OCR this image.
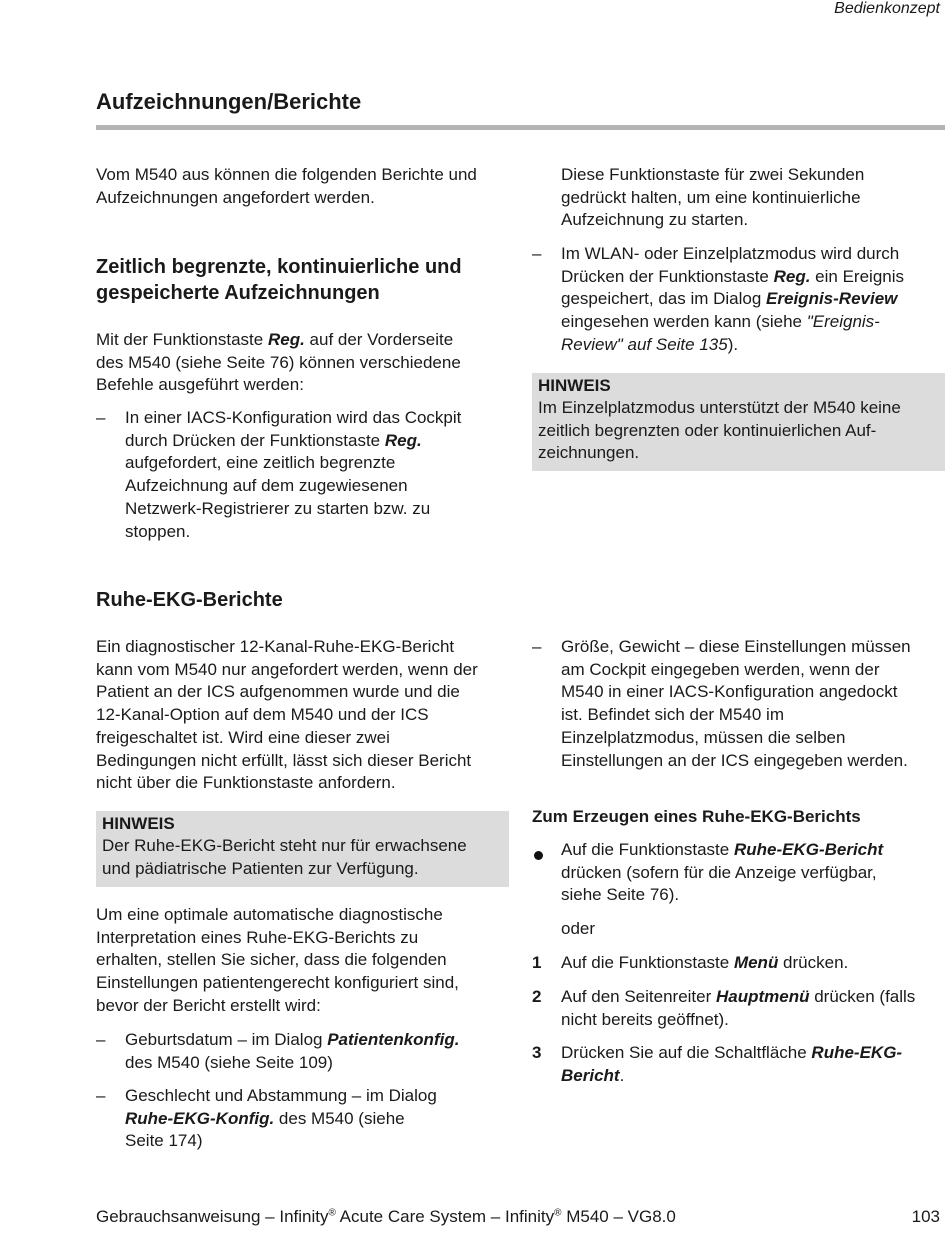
Bedienkonzept
Aufzeichnungen/Berichte
Vom M540 aus können die folgenden Berichte und
Aufzeichnungen angefordert werden.
Zeitlich begrenzte, kontinuierliche und
gespeicherte Aufzeichnungen
Mit der Funktionstaste Reg. auf der Vorderseite
des M540 (siehe Seite 76) können verschiedene
Befehle ausgeführt werden:
– In einer IACS-Konfiguration wird das Cockpit
durch Drücken der Funktionstaste Reg.
aufgefordert, eine zeitlich begrenzte
Aufzeichnung auf dem zugewiesenen
Netzwerk-Registrierer zu starten bzw. zu
stoppen.
Diese Funktionstaste für zwei Sekunden
gedrückt halten, um eine kontinuierliche
Aufzeichnung zu starten.
– Im WLAN- oder Einzelplatzmodus wird durch
Drücken der Funktionstaste Reg. ein Ereignis
gespeichert, das im Dialog Ereignis-Review
eingesehen werden kann (siehe "Ereignis-
Review" auf Seite 135).
HINWEIS
Im Einzelplatzmodus unterstützt der M540 keine
zeitlich begrenzten oder kontinuierlichen Auf-
zeichnungen.
Ruhe-EKG-Berichte
Ein diagnostischer 12-Kanal-Ruhe-EKG-Bericht
kann vom M540 nur angefordert werden, wenn der
Patient an der ICS aufgenommen wurde und die
12-Kanal-Option auf dem M540 und der ICS
freigeschaltet ist. Wird eine dieser zwei
Bedingungen nicht erfüllt, lässt sich dieser Bericht
nicht über die Funktionstaste anfordern.
HINWEIS
Der Ruhe-EKG-Bericht steht nur für erwachsene
und pädiatrische Patienten zur Verfügung.
Um eine optimale automatische diagnostische
Interpretation eines Ruhe-EKG-Berichts zu
erhalten, stellen Sie sicher, dass die folgenden
Einstellungen patientengerecht konfiguriert sind,
bevor der Bericht erstellt wird:
– Geburtsdatum – im Dialog Patientenkonfig.
des M540 (siehe Seite 109)
– Geschlecht und Abstammung – im Dialog
Ruhe-EKG-Konfig. des M540 (siehe
Seite 174)
– Größe, Gewicht – diese Einstellungen müssen
am Cockpit eingegeben werden, wenn der
M540 in einer IACS-Konfiguration angedockt
ist. Befindet sich der M540 im
Einzelplatzmodus, müssen die selben
Einstellungen an der ICS eingegeben werden.
Zum Erzeugen eines Ruhe-EKG-Berichts
Auf die Funktionstaste Ruhe-EKG-Bericht
drücken (sofern für die Anzeige verfügbar,
siehe Seite 76).
oder
1 Auf die Funktionstaste Menü drücken.
2 Auf den Seitenreiter Hauptmenü drücken (falls
nicht bereits geöffnet).
3 Drücken Sie auf die Schaltfläche Ruhe-EKG-
Bericht.
Gebrauchsanweisung – Infinity® Acute Care System – Infinity® M540 – VG8.0	103
